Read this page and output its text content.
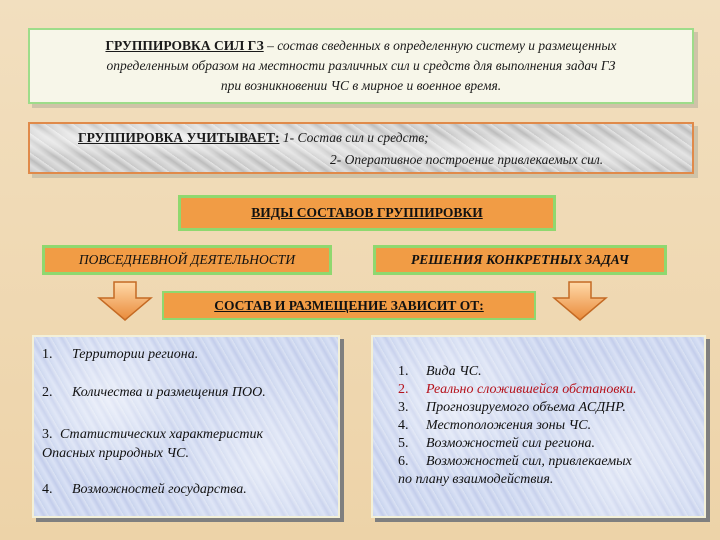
ГРУППИРОВКА СИЛ ГЗ – состав сведенных в определенную систему и размещенных
определенным образом на местности различных сил и средств для выполнения задач ГЗ
при возникновении ЧС в мирное и военное время.
ГРУППИРОВКА УЧИТЫВАЕТ: 1- Состав сил и средств;
2- Оперативное построение привлекаемых сил.
ВИДЫ СОСТАВОВ ГРУППИРОВКИ
ПОВСЕДНЕВНОЙ ДЕЯТЕЛЬНОСТИ	РЕШЕНИЯ КОНКРЕТНЫХ ЗАДАЧ
СОСТАВ И РАЗМЕЩЕНИЕ ЗАВИСИТ ОТ:
1. Территории региона.
2. Количества и размещения ПОО.
3. Статистических характеристик
Опасных природных ЧС.
4. Возможностей государства.
1. Вида ЧС.
2. Реально сложившейся обстановки.
3. Прогнозируемого объема АСДНР.
4. Местоположения зоны ЧС.
5. Возможностей сил региона.
6. Возможностей сил, привлекаемых
по плану взаимодействия.
